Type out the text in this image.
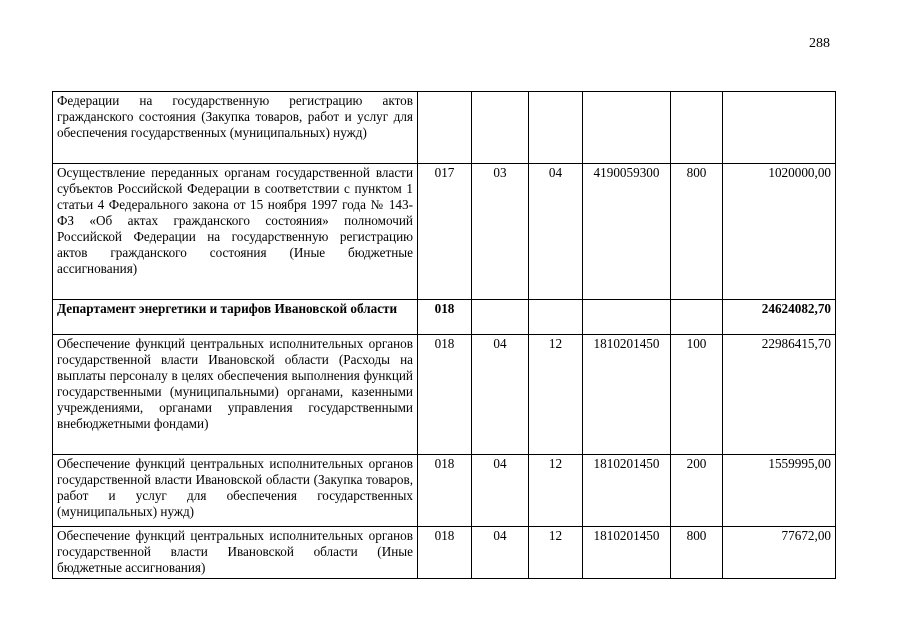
288
Федерации на государственную регистрацию актов гражданского состояния (Закупка товаров, работ и услуг для обеспечения государственных (муниципальных) нужд)						
Осуществление переданных органам государственной власти субъектов Российской Федерации в соответствии с пунктом 1 статьи 4 Федерального закона от 15 ноября 1997 года № 143-ФЗ «Об актах гражданского состояния» полномочий Российской Федерации на государственную регистрацию актов гражданского состояния (Иные бюджетные ассигнования)	017	03	04	4190059300	800	1020000,00
Департамент энергетики и тарифов Ивановской области	018					24624082,70
Обеспечение функций центральных исполнительных органов государственной власти Ивановской области (Расходы на выплаты персоналу в целях обеспечения выполнения функций государственными (муниципальными) органами, казенными учреждениями, органами управления государственными внебюджетными фондами)	018	04	12	1810201450	100	22986415,70
Обеспечение функций центральных исполнительных органов государственной власти Ивановской области (Закупка товаров, работ и услуг для обеспечения государственных (муниципальных) нужд)	018	04	12	1810201450	200	1559995,00
Обеспечение функций центральных исполнительных органов государственной власти Ивановской области (Иные бюджетные ассигнования)	018	04	12	1810201450	800	77672,00
